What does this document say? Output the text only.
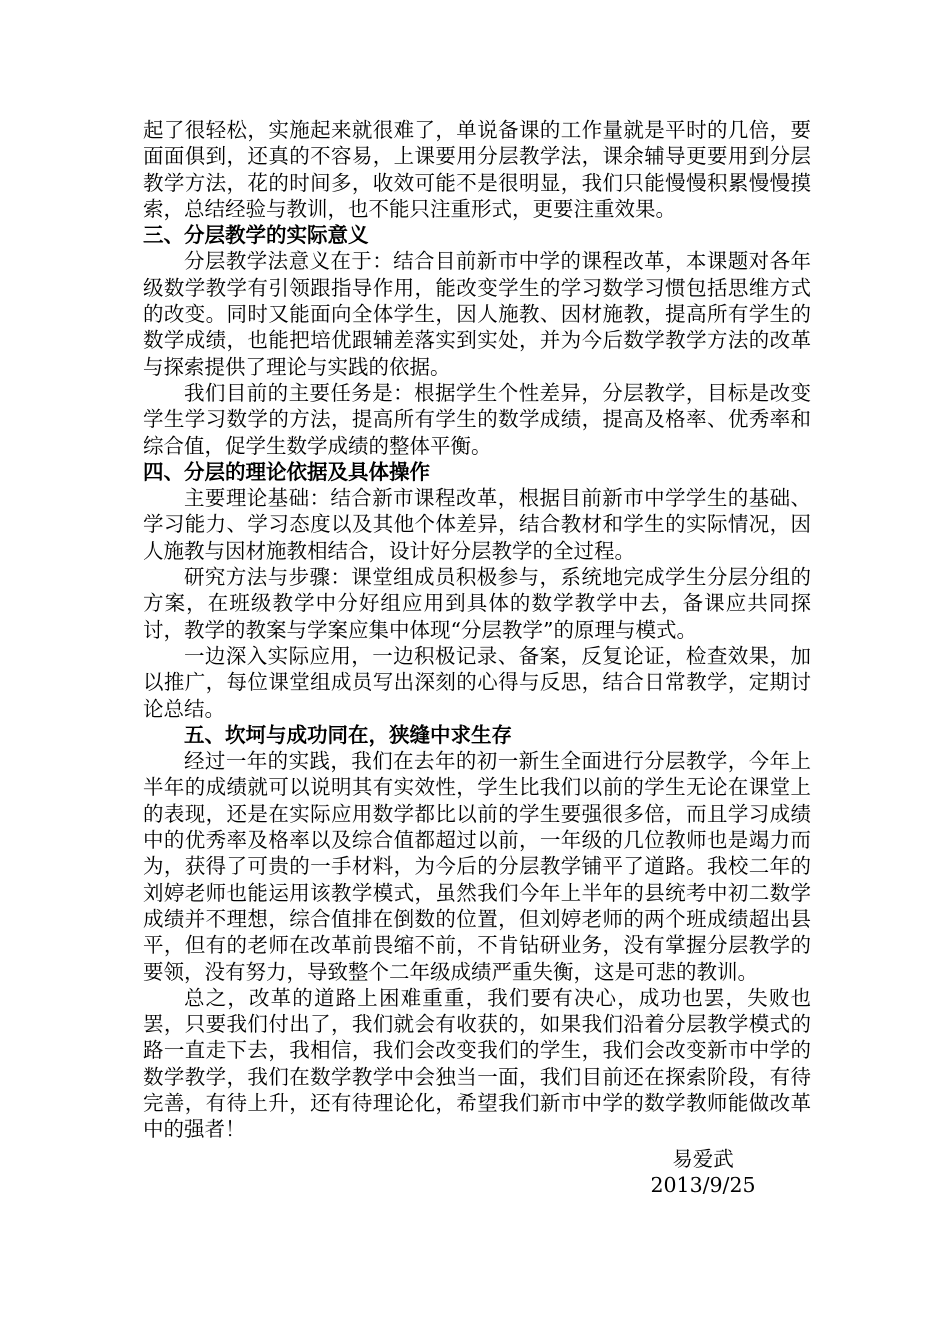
起了很轻松，实施起来就很难了，单说备课的工作量就是平时的几倍，要面面俱到，还真的不容易，上课要用分层教学法，课余辅导更要用到分层教学方法，花的时间多，收效可能不是很明显，我们只能慢慢积累慢慢摸索，总结经验与教训，也不能只注重形式，更要注重效果。

三、分层教学的实际意义

分层教学法意义在于：结合目前新市中学的课程改革，本课题对各年级数学教学有引领跟指导作用，能改变学生的学习数学习惯包括思维方式的改变。同时又能面向全体学生，因人施教、因材施教，提高所有学生的数学成绩，也能把培优跟辅差落实到实处，并为今后数学教学方法的改革与探索提供了理论与实践的依据。

我们目前的主要任务是：根据学生个性差异，分层教学，目标是改变学生学习数学的方法，提高所有学生的数学成绩，提高及格率、优秀率和综合值，促学生数学成绩的整体平衡。

四、分层的理论依据及具体操作

主要理论基础：结合新市课程改革，根据目前新市中学学生的基础、学习能力、学习态度以及其他个体差异，结合教材和学生的实际情况，因人施教与因材施教相结合，设计好分层教学的全过程。

研究方法与步骤：课堂组成员积极参与，系统地完成学生分层分组的方案，在班级教学中分好组应用到具体的数学教学中去，备课应共同探讨，教学的教案与学案应集中体现“分层教学”的原理与模式。

一边深入实际应用，一边积极记录、备案，反复论证，检查效果，加以推广，每位课堂组成员写出深刻的心得与反思，结合日常教学，定期讨论总结。

五、坎坷与成功同在，狭缝中求生存

经过一年的实践，我们在去年的初一新生全面进行分层教学，今年上半年的成绩就可以说明其有实效性，学生比我们以前的学生无论在课堂上的表现，还是在实际应用数学都比以前的学生要强很多倍，而且学习成绩中的优秀率及格率以及综合值都超过以前，一年级的几位教师也是竭力而为，获得了可贵的一手材料，为今后的分层教学铺平了道路。我校二年的刘婷老师也能运用该教学模式，虽然我们今年上半年的县统考中初二数学成绩并不理想，综合值排在倒数的位置，但刘婷老师的两个班成绩超出县平，但有的老师在改革前畏缩不前，不肯钻研业务，没有掌握分层教学的要领，没有努力，导致整个二年级成绩严重失衡，这是可悲的教训。

总之，改革的道路上困难重重，我们要有决心，成功也罢，失败也罢，只要我们付出了，我们就会有收获的，如果我们沿着分层教学模式的路一直走下去，我相信，我们会改变我们的学生，我们会改变新市中学的数学教学，我们在数学教学中会独当一面，我们目前还在探索阶段，有待完善，有待上升，还有待理论化，希望我们新市中学的数学教师能做改革中的强者！

易爱武
2013/9/25
